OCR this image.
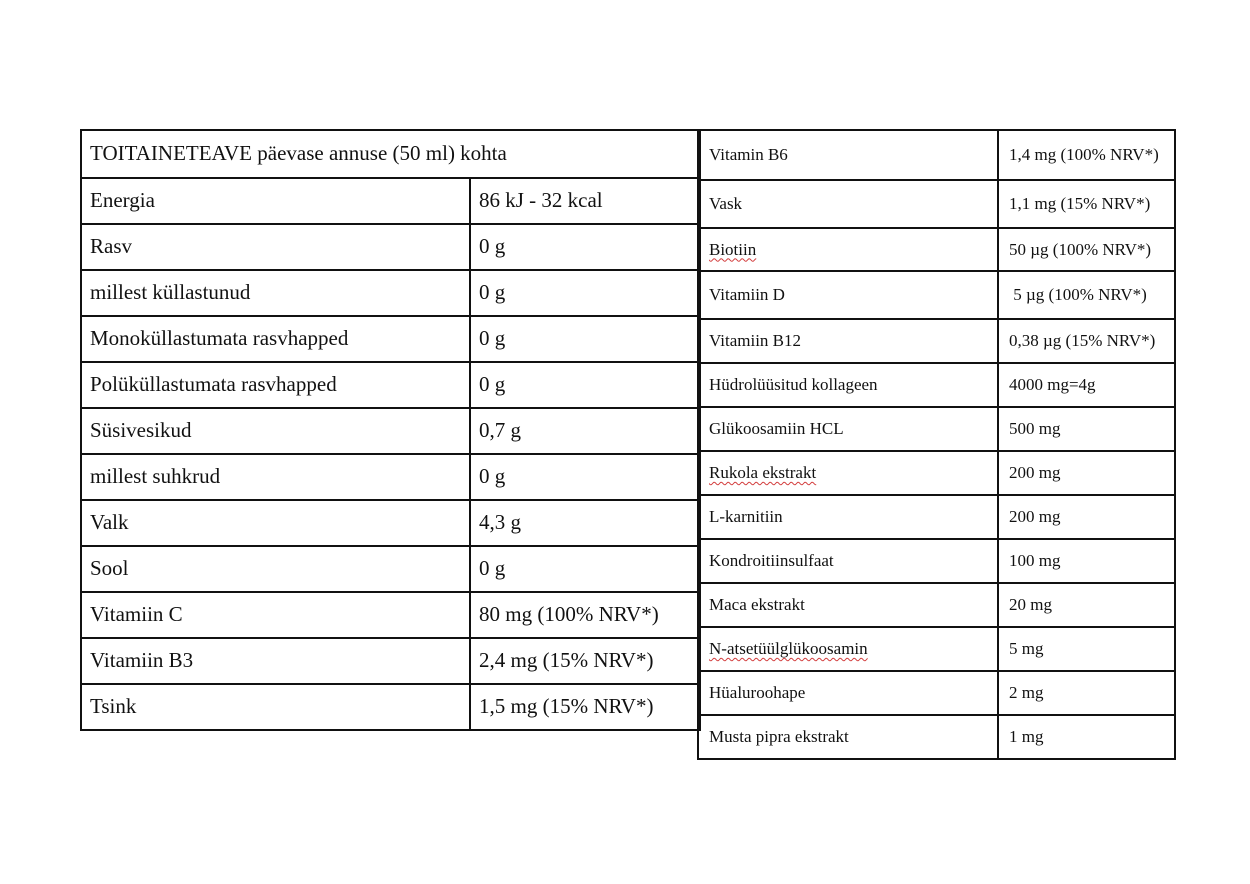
TOITAINETEAVE päevase annuse (50 ml) kohta	
Energia	86 kJ - 32 kcal
Rasv	0 g
millest küllastunud	0 g
Monoküllastumata rasvhapped	0 g
Polüküllastumata rasvhapped	0 g
Süsivesikud	0,7 g
millest suhkrud	0 g
Valk	4,3 g
Sool	0 g
Vitamiin C	80 mg (100% NRV*)
Vitamiin B3	2,4 mg (15% NRV*)
Tsink	1,5 mg (15% NRV*)
Vitamin B6	1,4 mg (100% NRV*)
Vask	1,1 mg (15% NRV*)
Biotiin	50 µg (100% NRV*)
Vitamiin D	5 µg (100% NRV*)
Vitamiin B12	0,38 µg (15% NRV*)
Hüdrolüüsitud kollageen	4000 mg=4g
Glükoosamiin HCL	500 mg
Rukola ekstrakt	200 mg
L-karnitiin	200 mg
Kondroitiinsulfaat	100 mg
Maca ekstrakt	20 mg
N-atsetüülglükoosamin	5 mg
Hüaluroohape	2 mg
Musta pipra ekstrakt	1 mg
